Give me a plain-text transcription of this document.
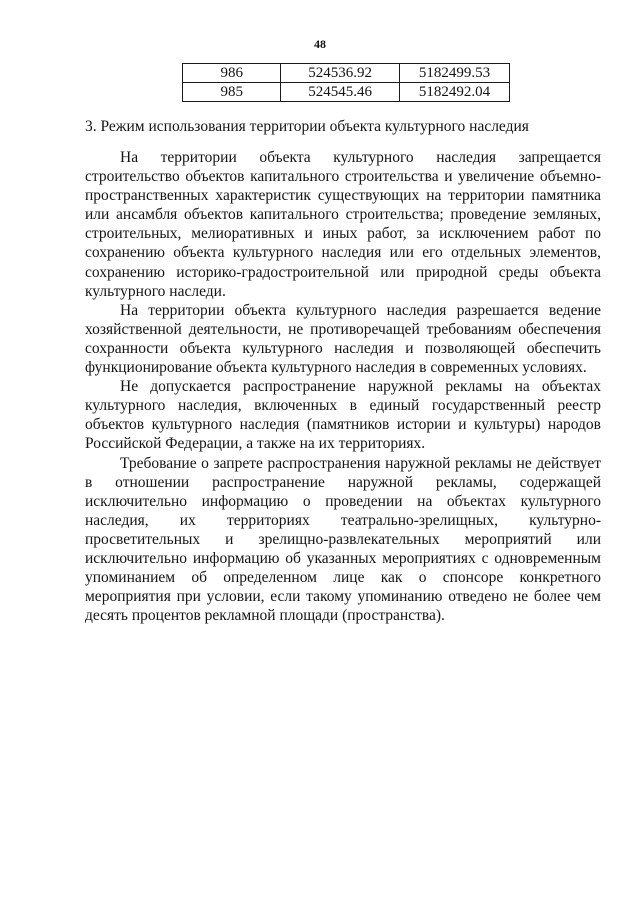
48
986	524536.92	5182499.53
985	524545.46	5182492.04
3. Режим использования территории объекта культурного наследия

На территории объекта культурного наследия запрещается строительство объектов капитального строительства и увеличение объемно-пространственных характеристик существующих на территории памятника или ансамбля объектов капитального строительства; проведение земляных, строительных, мелиоративных и иных работ, за исключением работ по сохранению объекта культурного наследия или его отдельных элементов, сохранению историко-градостроительной или природной среды объекта культурного наследи.

На территории объекта культурного наследия разрешается ведение хозяйственной деятельности, не противоречащей требованиям обеспечения сохранности объекта культурного наследия и позволяющей обеспечить функционирование объекта культурного наследия в современных условиях.

Не допускается распространение наружной рекламы на объектах культурного наследия, включенных в единый государственный реестр объектов культурного наследия (памятников истории и культуры) народов Российской Федерации, а также на их территориях.

Требование о запрете распространения наружной рекламы не действует в отношении распространение наружной рекламы, содержащей исключительно информацию о проведении на объектах культурного наследия, их территориях театрально-зрелищных, культурно-просветительных и зрелищно-развлекательных мероприятий или исключительно информацию об указанных мероприятиях с одновременным упоминанием об определенном лице как о спонсоре конкретного мероприятия при условии, если такому упоминанию отведено не более чем десять процентов рекламной площади (пространства).
